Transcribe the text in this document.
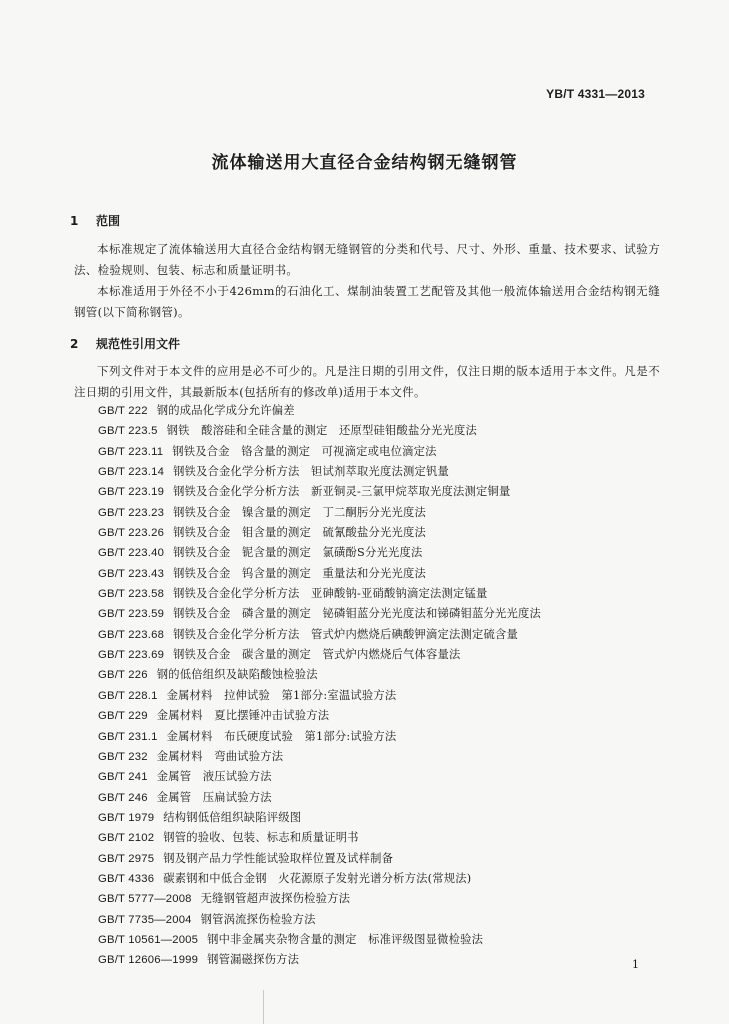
YB/T 4331—2013
流体输送用大直径合金结构钢无缝钢管
1 范围
本标准规定了流体输送用大直径合金结构钢无缝钢管的分类和代号、尺寸、外形、重量、技术要求、试验方法、检验规则、包装、标志和质量证明书。
本标准适用于外径不小于426mm的石油化工、煤制油装置工艺配管及其他一般流体输送用合金结构钢无缝钢管(以下简称钢管)。
2 规范性引用文件
下列文件对于本文件的应用是必不可少的。凡是注日期的引用文件，仅注日期的版本适用于本文件。凡是不注日期的引用文件，其最新版本(包括所有的修改单)适用于本文件。
GB/T 222 钢的成品化学成分允许偏差
GB/T 223.5 钢铁　酸溶硅和全硅含量的测定　还原型硅钼酸盐分光光度法
GB/T 223.11 钢铁及合金　铬含量的测定　可视滴定或电位滴定法
GB/T 223.14 钢铁及合金化学分析方法　钽试剂萃取光度法测定钒量
GB/T 223.19 钢铁及合金化学分析方法　新亚铜灵-三氯甲烷萃取光度法测定铜量
GB/T 223.23 钢铁及合金　镍含量的测定　丁二酮肟分光光度法
GB/T 223.26 钢铁及合金　钼含量的测定　硫氰酸盐分光光度法
GB/T 223.40 钢铁及合金　铌含量的测定　氯磺酚S分光光度法
GB/T 223.43 钢铁及合金　钨含量的测定　重量法和分光光度法
GB/T 223.58 钢铁及合金化学分析方法　亚砷酸钠-亚硝酸钠滴定法测定锰量
GB/T 223.59 钢铁及合金　磷含量的测定　铋磷钼蓝分光光度法和锑磷钼蓝分光光度法
GB/T 223.68 钢铁及合金化学分析方法　管式炉内燃烧后碘酸钾滴定法测定硫含量
GB/T 223.69 钢铁及合金　碳含量的测定　管式炉内燃烧后气体容量法
GB/T 226 钢的低倍组织及缺陷酸蚀检验法
GB/T 228.1 金属材料　拉伸试验　第1部分:室温试验方法
GB/T 229 金属材料　夏比摆锤冲击试验方法
GB/T 231.1 金属材料　布氏硬度试验　第1部分:试验方法
GB/T 232 金属材料　弯曲试验方法
GB/T 241 金属管　液压试验方法
GB/T 246 金属管　压扁试验方法
GB/T 1979 结构钢低倍组织缺陷评级图
GB/T 2102 钢管的验收、包装、标志和质量证明书
GB/T 2975 钢及钢产品力学性能试验取样位置及试样制备
GB/T 4336 碳素钢和中低合金钢　火花源原子发射光谱分析方法(常规法)
GB/T 5777—2008 无缝钢管超声波探伤检验方法
GB/T 7735—2004 钢管涡流探伤检验方法
GB/T 10561—2005 钢中非金属夹杂物含量的测定　标准评级图显微检验法
GB/T 12606—1999 钢管漏磁探伤方法	1
